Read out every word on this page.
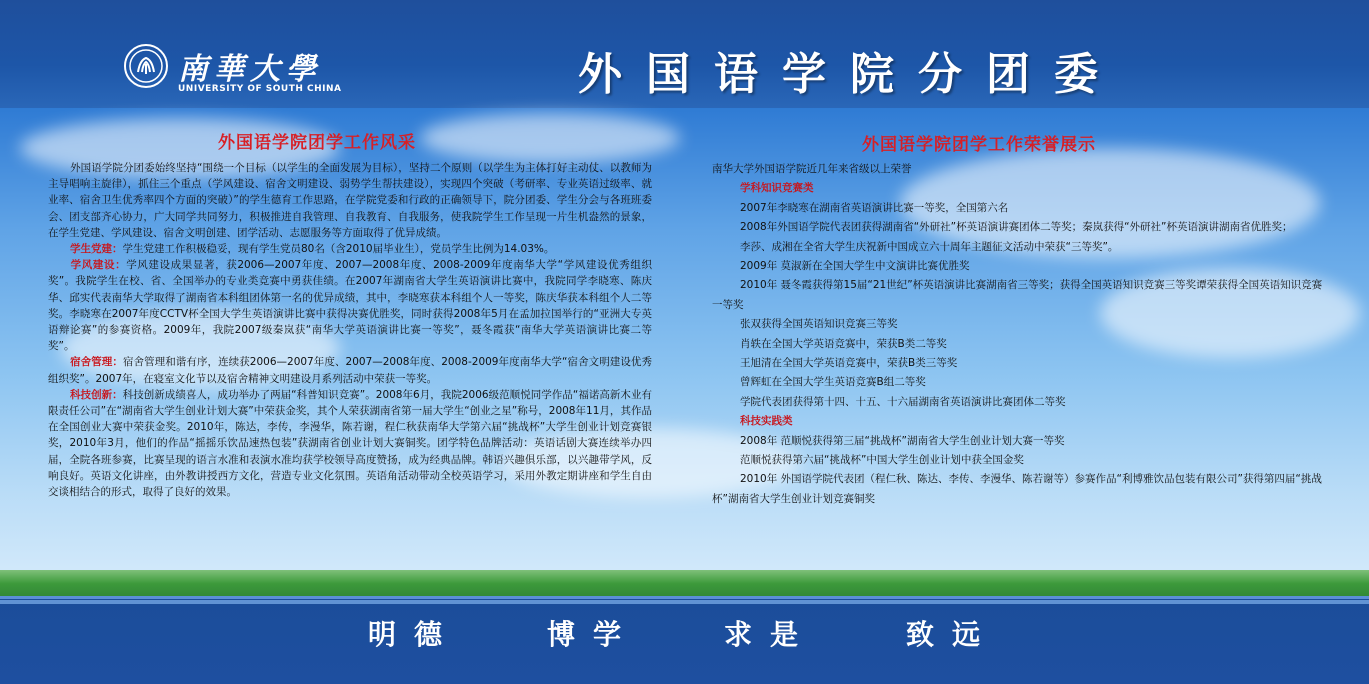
南華大學
UNIVERSITY OF SOUTH CHINA	外国语学院分团委
外国语学院团学工作风采

外国语学院分团委始终坚持“围绕一个目标（以学生的全面发展为目标），坚持二个原则（以学生为主体打好主动仗、以教师为主导唱响主旋律），抓住三个重点（学风建设、宿舍文明建设、弱势学生帮扶建设），实现四个突破（考研率、专业英语过级率、就业率、宿舍卫生优秀率四个方面的突破）”的学生德育工作思路，在学院党委和行政的正确领导下，院分团委、学生分会与各班班委会、团支部齐心协力，广大同学共同努力，积极推进自我管理、自我教育、自我服务，使我院学生工作呈现一片生机盎然的景象，在学生党建、学风建设、宿舍文明创建、团学活动、志愿服务等方面取得了优异成绩。

学生党建：学生党建工作积极稳妥，现有学生党员80名（含2010届毕业生），党员学生比例为14.03%。

学风建设：学风建设成果显著，获2006—2007年度、2007—2008年度、2008-2009年度南华大学“学风建设优秀组织奖”。我院学生在校、省、全国举办的专业类竞赛中勇获佳绩。在2007年湖南省大学生英语演讲比赛中，我院同学李晓寒、陈庆华、邱实代表南华大学取得了湖南省本科组团体第一名的优异成绩，其中，李晓寒获本科组个人一等奖，陈庆华获本科组个人二等奖。李晓寒在2007年度CCTV杯全国大学生英语演讲比赛中获得决赛优胜奖，同时获得2008年5月在孟加拉国举行的“亚洲大专英语辩论赛”的参赛资格。2009年，我院2007级秦岚获“南华大学英语演讲比赛一等奖”，聂冬霞获“南华大学英语演讲比赛二等奖”。

宿舍管理：宿舍管理和谐有序，连续获2006—2007年度、2007—2008年度、2008-2009年度南华大学“宿舍文明建设优秀组织奖”。2007年，在寝室文化节以及宿舍精神文明建设月系列活动中荣获一等奖。

科技创新：科技创新成绩喜人，成功举办了两届“科普知识竞赛”。2008年6月，我院2006级范顺悦同学作品“福诺高新木业有限责任公司”在“湖南省大学生创业计划大赛”中荣获金奖，其个人荣获湖南省第一届大学生“创业之星”称号，2008年11月，其作品在全国创业大赛中荣获金奖。2010年，陈达，李传，李漫华，陈若谢，程仁秋获南华大学第六届“挑战杯”大学生创业计划竞赛银奖，2010年3月，他们的作品“摇摇乐饮品速热包装”获湖南省创业计划大赛铜奖。团学特色品牌活动：英语话剧大赛连续举办四届，全院各班参赛，比赛呈现的语言水准和表演水准均获学校领导高度赞扬，成为经典品牌。韩语兴趣俱乐部，以兴趣带学风，反响良好。英语文化讲座，由外教讲授西方文化，营造专业文化氛围。英语角活动带动全校英语学习，采用外教定期讲座和学生自由交谈相结合的形式，取得了良好的效果。

外国语学院团学工作荣誉展示
南华大学外国语学院近几年来省级以上荣誉
学科知识竞赛类
2007年李晓寒在湖南省英语演讲比赛一等奖，全国第六名
2008年外国语学院代表团获得湖南省“外研社”杯英语演讲赛团体二等奖；秦岚获得“外研社”杯英语演讲湖南省优胜奖；
李莎、成湘在全省大学生庆祝新中国成立六十周年主题征文活动中荣获“三等奖”。
2009年 莫淑新在全国大学生中文演讲比赛优胜奖
2010年 聂冬霞获得第15届“21世纪”杯英语演讲比赛湖南省三等奖；获得全国英语知识竞赛三等奖谭荣获得全国英语知识竞赛一等奖
张双获得全国英语知识竞赛三等奖
肖轶在全国大学英语竞赛中，荣获B类二等奖
王旭清在全国大学英语竞赛中，荣获B类三等奖
曾辉虹在全国大学生英语竞赛B组二等奖
学院代表团获得第十四、十五、十六届湖南省英语演讲比赛团体二等奖
科技实践类
2008年 范顺悦获得第三届“挑战杯”湖南省大学生创业计划大赛一等奖
范顺悦获得第六届“挑战杯”中国大学生创业计划中获全国金奖
2010年 外国语学院代表团（程仁秋、陈达、李传、李漫华、陈若谢等）参赛作品“利博雅饮品包装有限公司”获得第四届“挑战杯”湖南省大学生创业计划竞赛铜奖
明德	博学	求是	致远
